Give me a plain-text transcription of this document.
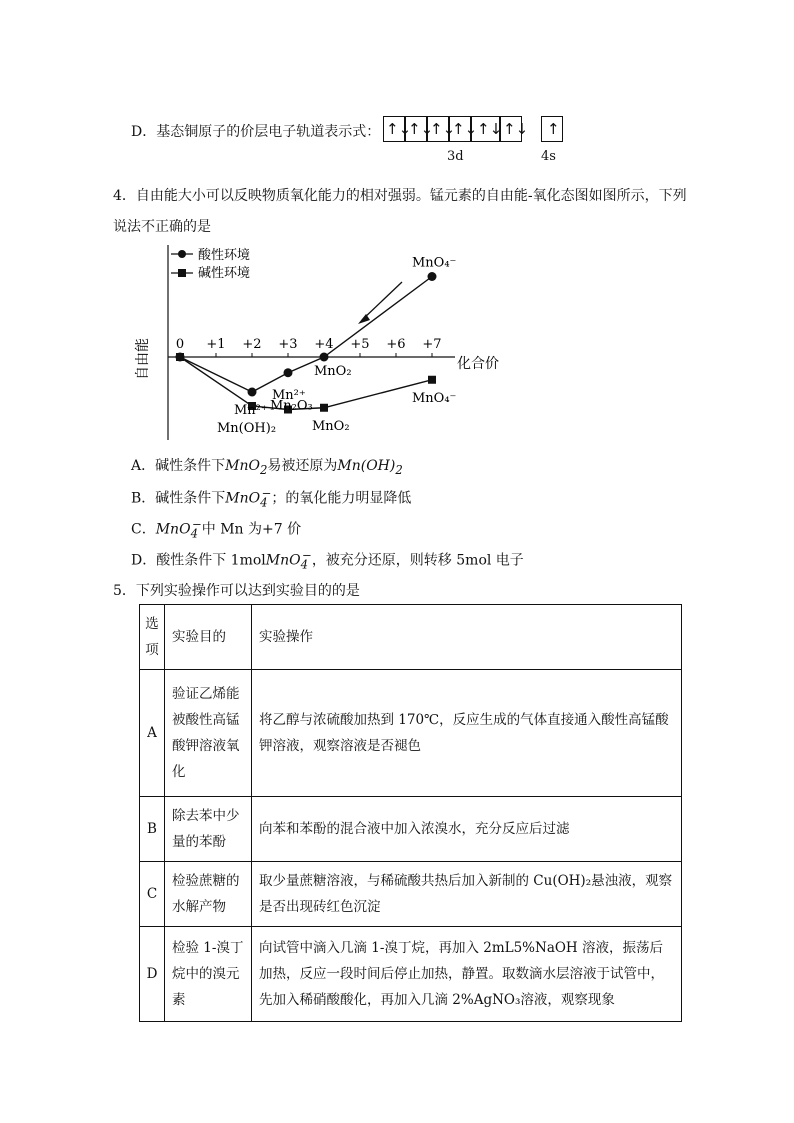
D．基态铜原子的价层电子轨道表示式： ↑↓
↑↓
↑↓
↑↓ ↑↓
↑↓	↑
3d	4s
4．自由能大小可以反映物质氧化能力的相对强弱。锰元素的自由能-氧化态图如图所示，下列
说法不正确的是
自由能	化合价
酸性环境
碱性环境
0 +1 +2 +3 +4 +5 +6 +7
Mn²⁺
Mn²⁺
MnO₂
MnO₄⁻
Mn(OH)₂
Mn₂O₃
MnO₂
MnO₄⁻
A．碱性条件下MnO$_2$易被还原为$Mn(OH)_2$
B．碱性条件下MnO$_4$−；的氧化能力明显降低
C．MnO$_4$−中 Mn 为+7 价
D．酸性条件下 1molMnO$_4$−，被充分还原，则转移 5mol 电子
5．下列实验操作可以达到实验目的的是
选项	实验目的	实验操作
A	验证乙烯能被酸性高锰酸钾溶液氧化	将乙醇与浓硫酸加热到 170℃，反应生成的气体直接通入酸性高锰酸钾溶液，观察溶液是否褪色
B	除去苯中少量的苯酚	向苯和苯酚的混合液中加入浓溴水，充分反应后过滤
C	检验蔗糖的水解产物	取少量蔗糖溶液，与稀硫酸共热后加入新制的 Cu(OH)₂悬浊液，观察是否出现砖红色沉淀
D	检验 1-溴丁烷中的溴元素	向试管中滴入几滴 1-溴丁烷，再加入 2mL5%NaOH 溶液，振荡后加热，反应一段时间后停止加热，静置。取数滴水层溶液于试管中，先加入稀硝酸酸化，再加入几滴 2%AgNO₃溶液，观察现象
